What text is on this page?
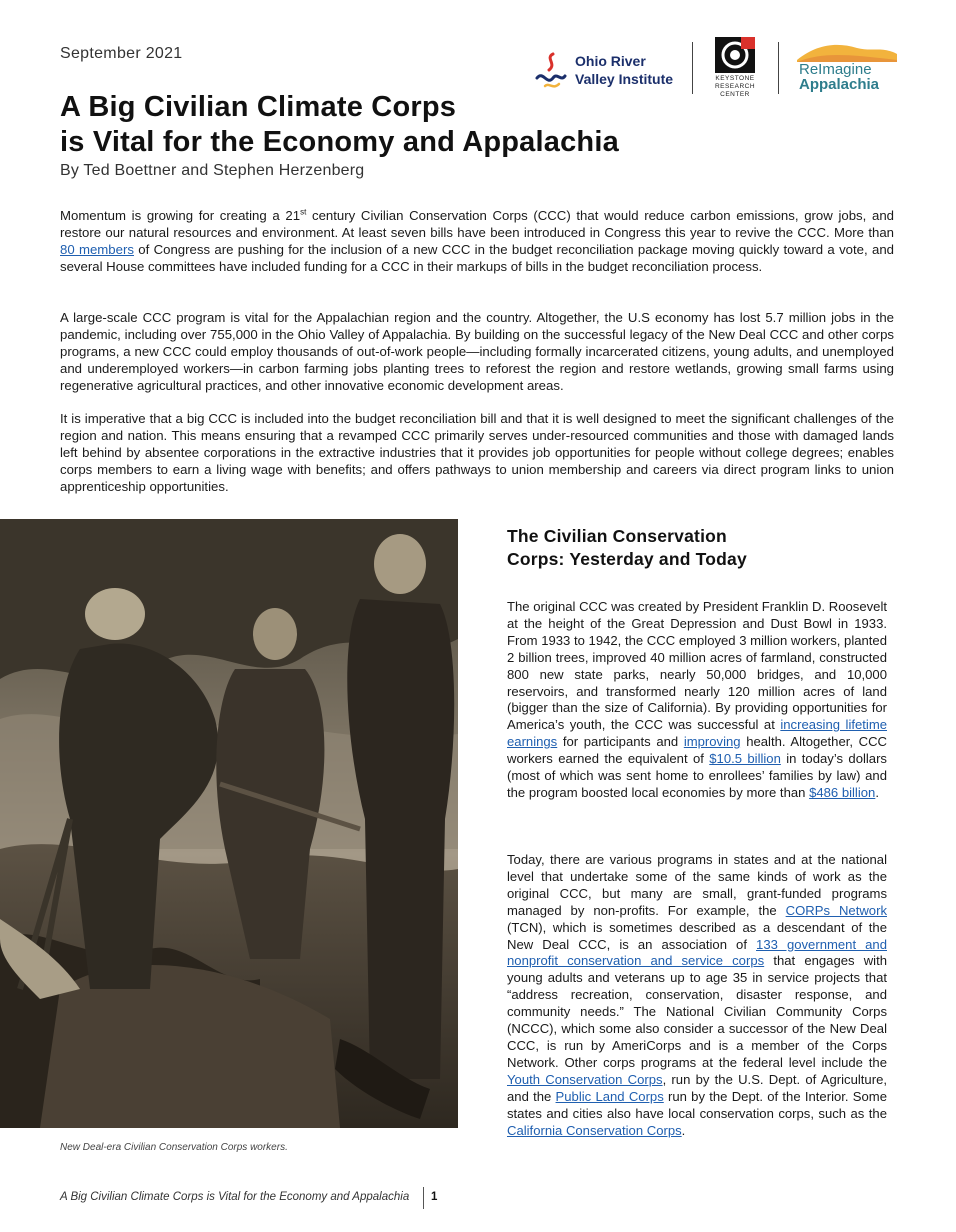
September 2021
A Big Civilian Climate Corps
is Vital for the Economy and Appalachia
By Ted Boettner and Stephen Herzenberg
Ohio River
Valley Institute	KEYSTONE
RESEARCH
CENTER
ReImagine
Appalachia

Momentum is growing for creating a 21st century Civilian Conservation Corps (CCC) that would reduce carbon emissions, grow jobs, and restore our natural resources and environment. At least seven bills have been introduced in Congress this year to revive the CCC. More than 80 members of Congress are pushing for the inclusion of a new CCC in the budget reconciliation package moving quickly toward a vote, and several House committees have included funding for a CCC in their markups of bills in the budget reconciliation process.

A large-scale CCC program is vital for the Appalachian region and the country. Altogether, the U.S economy has lost 5.7 million jobs in the pandemic, including over 755,000 in the Ohio Valley of Appalachia. By building on the successful legacy of the New Deal CCC and other corps programs, a new CCC could employ thousands of out-of-work people—including formally incarcerated citizens, young adults, and unemployed and underemployed workers—in carbon farming jobs planting trees to reforest the region and restore wetlands, growing small farms using regenerative agricultural practices, and other innovative economic development areas.

It is imperative that a big CCC is included into the budget reconciliation bill and that it is well designed to meet the significant challenges of the region and nation. This means ensuring that a revamped CCC primarily serves under-resourced communities and those with damaged lands left behind by absentee corporations in the extractive industries that it provides job opportunities for people without college degrees; enables corps members to earn a living wage with benefits; and offers pathways to union membership and careers via direct program links to union apprenticeship opportunities.

New Deal-era Civilian Conservation Corps workers.
The Civilian Conservation
Corps: Yesterday and Today

The original CCC was created by President Franklin D. Roosevelt at the height of the Great Depression and Dust Bowl in 1933. From 1933 to 1942, the CCC employed 3 million workers, planted 2 billion trees, improved 40 million acres of farmland, constructed 800 new state parks, nearly 50,000 bridges, and 10,000 reservoirs, and transformed nearly 120 million acres of land (bigger than the size of California). By providing opportunities for America’s youth, the CCC was successful at increasing lifetime earnings for participants and improving health. Altogether, CCC workers earned the equivalent of $10.5 billion in today’s dollars (most of which was sent home to enrollees’ families by law) and the program boosted local economies by more than $486 billion.

Today, there are various programs in states and at the national level that undertake some of the same kinds of work as the original CCC, but many are small, grant-funded programs managed by non-profits. For example, the CORPs Network (TCN), which is sometimes described as a descendant of the New Deal CCC, is an association of 133 government and nonprofit conservation and service corps that engages with young adults and veterans up to age 35 in service projects that “address recreation, conservation, disaster response, and community needs.” The National Civilian Community Corps (NCCC), which some also consider a successor of the New Deal CCC, is run by AmeriCorps and is a member of the Corps Network. Other corps programs at the federal level include the Youth Conservation Corps, run by the U.S. Dept. of Agriculture, and the Public Land Corps run by the Dept. of the Interior. Some states and cities also have local conservation corps, such as the California Conservation Corps.

A Big Civilian Climate Corps is Vital for the Economy and Appalachia 1
